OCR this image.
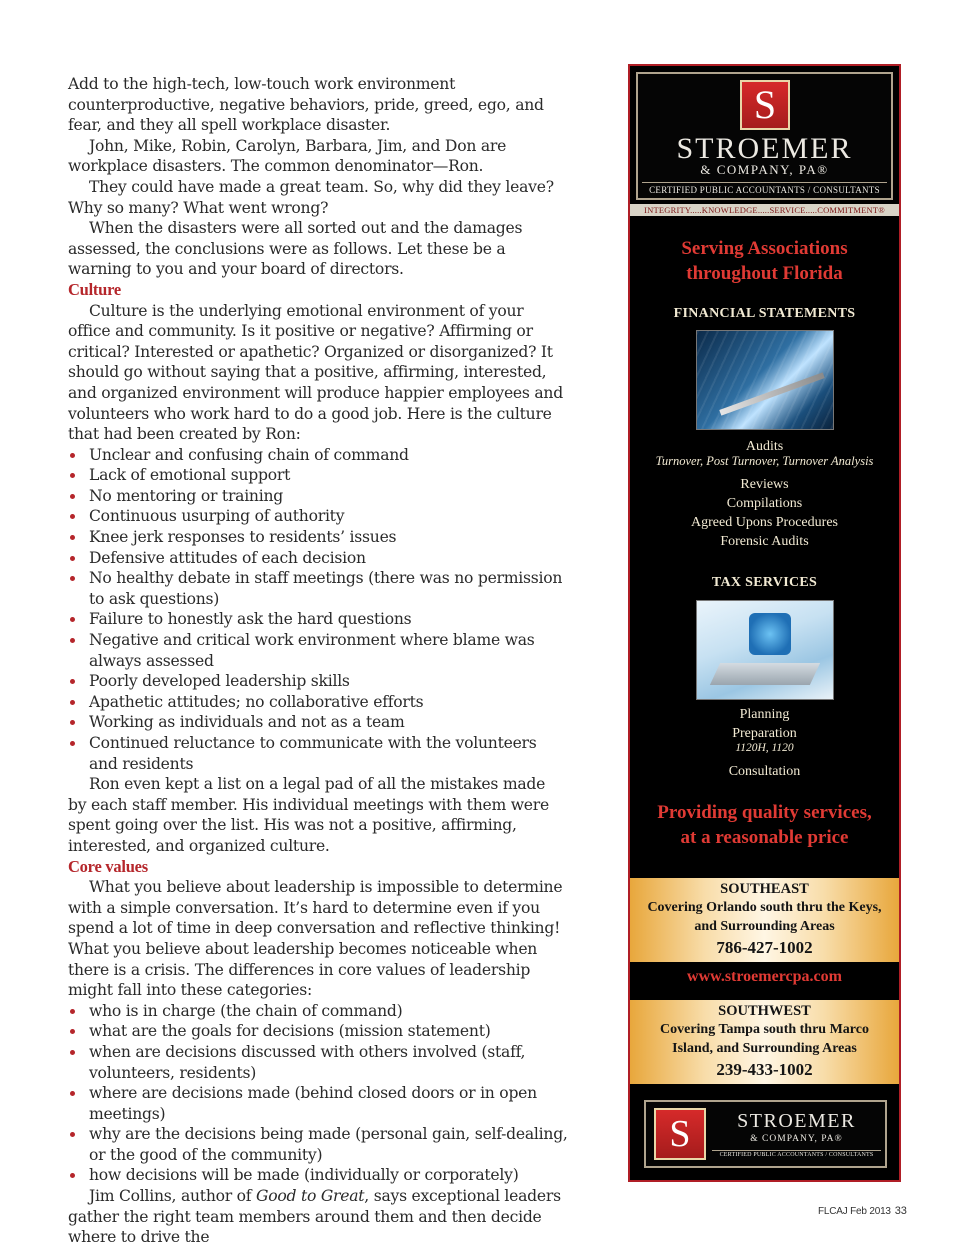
Add to the high-tech, low-touch work environment counterproductive, negative behaviors, pride, greed, ego, and fear, and they all spell workplace disaster.

John, Mike, Robin, Carolyn, Barbara, Jim, and Don are workplace disasters. The common denominator—Ron.

They could have made a great team. So, why did they leave? Why so many? What went wrong?

When the disasters were all sorted out and the damages assessed, the conclusions were as follows. Let these be a warning to you and your board of directors.

Culture

Culture is the underlying emotional environment of your office and community. Is it positive or negative? Affirming or critical? Interested or apathetic? Organized or disorganized? It should go without saying that a positive, affirming, interested, and organized environment will produce happier employees and volunteers who work hard to do a good job. Here is the culture that had been created by Ron:

Unclear and confusing chain of command
Lack of emotional support
No mentoring or training
Continuous usurping of authority
Knee jerk responses to residents’ issues
Defensive attitudes of each decision
No healthy debate in staff meetings (there was no permission to ask questions)
Failure to honestly ask the hard questions
Negative and critical work environment where blame was always assessed
Poorly developed leadership skills
Apathetic attitudes; no collaborative efforts
Working as individuals and not as a team
Continued reluctance to communicate with the volunteers and residents

Ron even kept a list on a legal pad of all the mistakes made by each staff member. His individual meetings with them were spent going over the list. His was not a positive, affirming, interested, and organized culture.

Core values

What you believe about leadership is impossible to determine with a simple conversation. It’s hard to determine even if you spend a lot of time in deep conversation and reflective thinking! What you believe about leadership becomes noticeable when there is a crisis. The differences in core values of leadership might fall into these categories:

who is in charge (the chain of command)
what are the goals for decisions (mission statement)
when are decisions discussed with others involved (staff, volunteers, residents)
where are decisions made (behind closed doors or in open meetings)
why are the decisions being made (personal gain, self-dealing, or the good of the community)
how decisions will be made (individually or corporately)

Jim Collins, author of Good to Great, says exceptional leaders gather the right team members around them and then decide where to drive the

S
STROEMER
& COMPANY, PA®
CERTIFIED PUBLIC ACCOUNTANTS / CONSULTANTS
INTEGRITY.....KNOWLEDGE.....SERVICE.....COMMITMENT®
Serving Associations
throughout Florida
FINANCIAL STATEMENTS
Audits
Turnover, Post Turnover, Turnover Analysis
Reviews
Compilations
Agreed Upons Procedures
Forensic Audits
TAX SERVICES
Planning
Preparation
1120H, 1120
Consultation
Providing quality services,
at a reasonable price
SOUTHEAST
Covering Orlando south thru the Keys,
and Surrounding Areas
786-427-1002
www.stroemercpa.com
SOUTHWEST
Covering Tampa south thru Marco
Island, and Surrounding Areas
239-433-1002
S	STROEMER
& COMPANY, PA®
CERTIFIED PUBLIC ACCOUNTANTS / CONSULTANTS
FLCAJ Feb 2013 33
